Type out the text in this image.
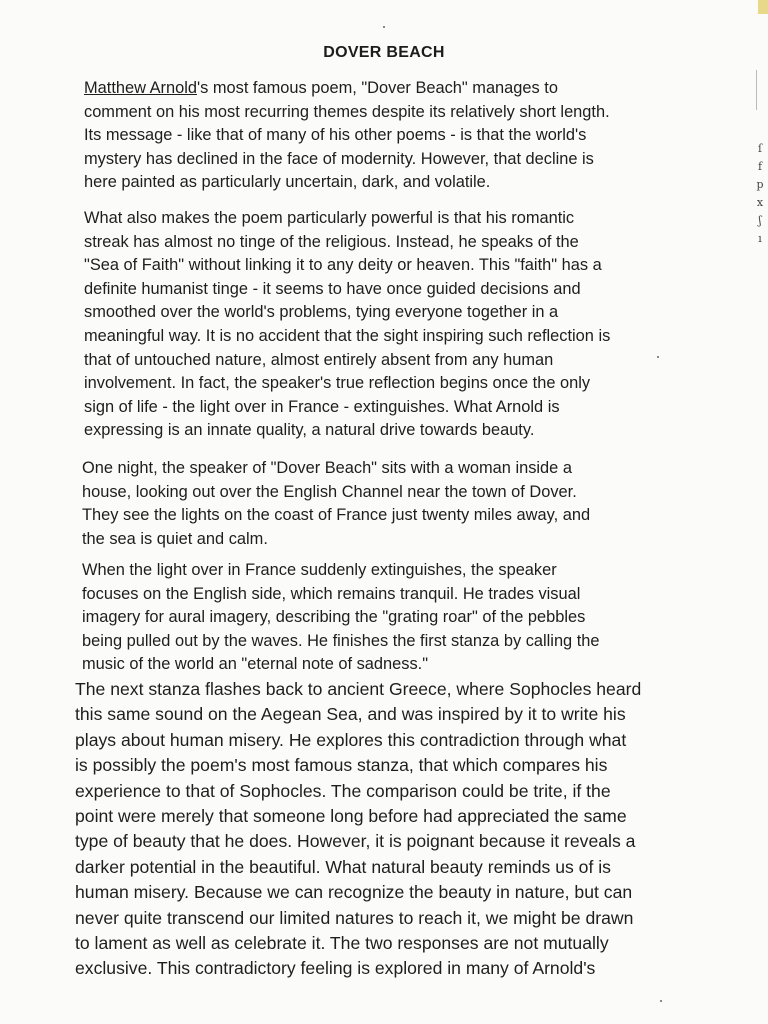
DOVER BEACH

Matthew Arnold's most famous poem, "Dover Beach" manages to
comment on his most recurring themes despite its relatively short length.
Its message - like that of many of his other poems - is that the world's
mystery has declined in the face of modernity. However, that decline is
here painted as particularly uncertain, dark, and volatile.

What also makes the poem particularly powerful is that his romantic
streak has almost no tinge of the religious. Instead, he speaks of the
"Sea of Faith" without linking it to any deity or heaven. This "faith" has a
definite humanist tinge - it seems to have once guided decisions and
smoothed over the world's problems, tying everyone together in a
meaningful way. It is no accident that the sight inspiring such reflection is
that of untouched nature, almost entirely absent from any human
involvement. In fact, the speaker's true reflection begins once the only
sign of life - the light over in France - extinguishes. What Arnold is
expressing is an innate quality, a natural drive towards beauty.

One night, the speaker of "Dover Beach" sits with a woman inside a
house, looking out over the English Channel near the town of Dover.
They see the lights on the coast of France just twenty miles away, and
the sea is quiet and calm.

When the light over in France suddenly extinguishes, the speaker
focuses on the English side, which remains tranquil. He trades visual
imagery for aural imagery, describing the "grating roar" of the pebbles
being pulled out by the waves. He finishes the first stanza by calling the
music of the world an "eternal note of sadness."

The next stanza flashes back to ancient Greece, where Sophocles heard
this same sound on the Aegean Sea, and was inspired by it to write his
plays about human misery. He explores this contradiction through what
is possibly the poem's most famous stanza, that which compares his
experience to that of Sophocles. The comparison could be trite, if the
point were merely that someone long before had appreciated the same
type of beauty that he does. However, it is poignant because it reveals a
darker potential in the beautiful. What natural beauty reminds us of is
human misery. Because we can recognize the beauty in nature, but can
never quite transcend our limited natures to reach it, we might be drawn
to lament as well as celebrate it. The two responses are not mutually
exclusive. This contradictory feeling is explored in many of Arnold's

ſ
f
p
x
ʃ
ı
